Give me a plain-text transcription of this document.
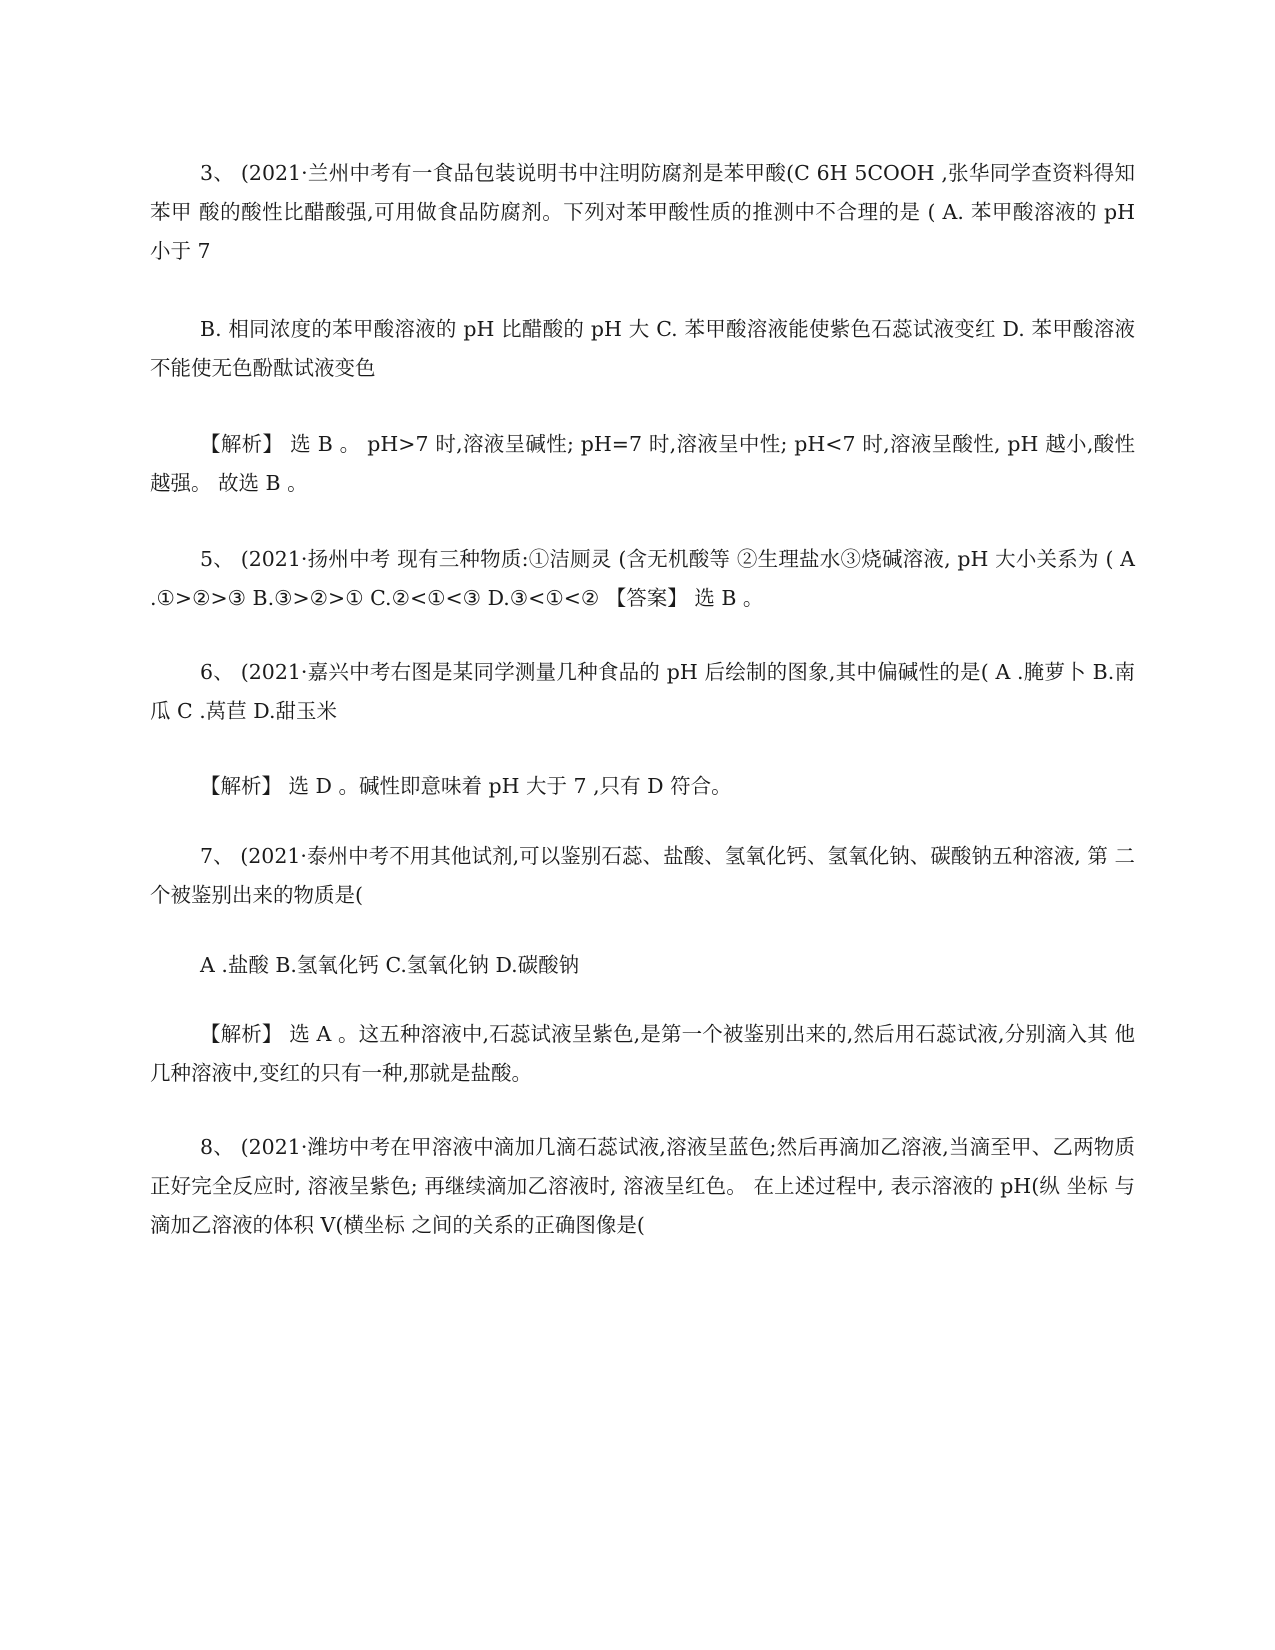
3、 (2021·兰州中考有一食品包装说明书中注明防腐剂是苯甲酸(C 6H 5COOH ,张华同学查资料得知苯甲 酸的酸性比醋酸强,可用做食品防腐剂。下列对苯甲酸性质的推测中不合理的是 ( A. 苯甲酸溶液的 pH 小于 7

B. 相同浓度的苯甲酸溶液的 pH 比醋酸的 pH 大 C. 苯甲酸溶液能使紫色石蕊试液变红 D. 苯甲酸溶液不能使无色酚酞试液变色

【解析】 选 B 。 pH>7 时,溶液呈碱性; pH=7 时,溶液呈中性; pH<7 时,溶液呈酸性, pH 越小,酸性越强。 故选 B 。

5、 (2021·扬州中考 现有三种物质:①洁厕灵 (含无机酸等 ②生理盐水③烧碱溶液, pH 大小关系为 ( A .①>②>③ B.③>②>① C.②<①<③ D.③<①<② 【答案】 选 B 。

6、 (2021·嘉兴中考右图是某同学测量几种食品的 pH 后绘制的图象,其中偏碱性的是( A .腌萝卜 B.南瓜 C .莴苣 D.甜玉米

【解析】 选 D 。碱性即意味着 pH 大于 7 ,只有 D 符合。

7、 (2021·泰州中考不用其他试剂,可以鉴别石蕊、盐酸、氢氧化钙、氢氧化钠、碳酸钠五种溶液, 第 二个被鉴别出来的物质是(

A .盐酸 B.氢氧化钙 C.氢氧化钠 D.碳酸钠

【解析】 选 A 。这五种溶液中,石蕊试液呈紫色,是第一个被鉴别出来的,然后用石蕊试液,分别滴入其 他几种溶液中,变红的只有一种,那就是盐酸。

8、 (2021·潍坊中考在甲溶液中滴加几滴石蕊试液,溶液呈蓝色;然后再滴加乙溶液,当滴至甲、乙两物质正好完全反应时, 溶液呈紫色; 再继续滴加乙溶液时, 溶液呈红色。 在上述过程中, 表示溶液的 pH(纵 坐标 与滴加乙溶液的体积 V(横坐标 之间的关系的正确图像是(
